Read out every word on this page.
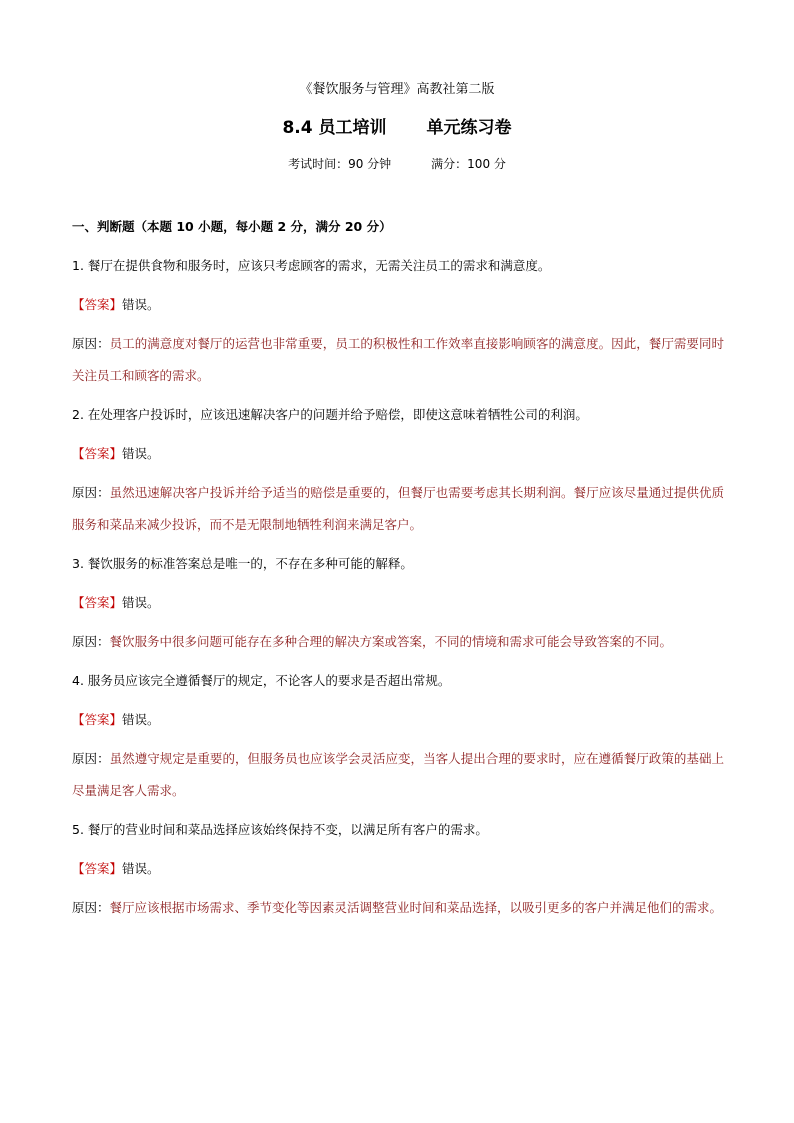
《餐饮服务与管理》高教社第二版
8.4 员工培训 单元练习卷
考试时间：90 分钟	满分：100 分
一、判断题（本题 10 小题，每小题 2 分，满分 20 分）
1. 餐厅在提供食物和服务时，应该只考虑顾客的需求，无需关注员工的需求和满意度。
【答案】错误。
原因：员工的满意度对餐厅的运营也非常重要，员工的积极性和工作效率直接影响顾客的满意度。因此，餐厅需要同时关注员工和顾客的需求。
2. 在处理客户投诉时，应该迅速解决客户的问题并给予赔偿，即使这意味着牺牲公司的利润。
【答案】错误。
原因：虽然迅速解决客户投诉并给予适当的赔偿是重要的，但餐厅也需要考虑其长期利润。餐厅应该尽量通过提供优质服务和菜品来减少投诉，而不是无限制地牺牲利润来满足客户。
3. 餐饮服务的标准答案总是唯一的，不存在多种可能的解释。
【答案】错误。
原因：餐饮服务中很多问题可能存在多种合理的解决方案或答案，不同的情境和需求可能会导致答案的不同。
4. 服务员应该完全遵循餐厅的规定，不论客人的要求是否超出常规。
【答案】错误。
原因：虽然遵守规定是重要的，但服务员也应该学会灵活应变，当客人提出合理的要求时，应在遵循餐厅政策的基础上尽量满足客人需求。
5. 餐厅的营业时间和菜品选择应该始终保持不变，以满足所有客户的需求。
【答案】错误。
原因：餐厅应该根据市场需求、季节变化等因素灵活调整营业时间和菜品选择，以吸引更多的客户并满足他们的需求。
